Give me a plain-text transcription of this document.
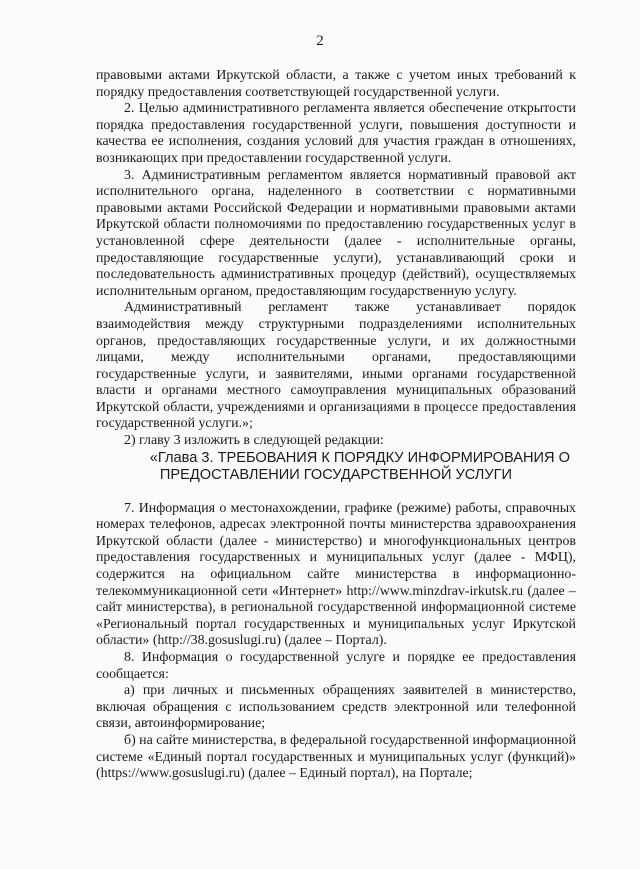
2

правовыми актами Иркутской области, а также с учетом иных требований к порядку предоставления соответствующей государственной услуги.

2. Целью административного регламента является обеспечение открытости порядка предоставления государственной услуги, повышения доступности и качества ее исполнения, создания условий для участия граждан в отношениях, возникающих при предоставлении государственной услуги.

3. Административным регламентом является нормативный правовой акт исполнительного органа, наделенного в соответствии с нормативными правовыми актами Российской Федерации и нормативными правовыми актами Иркутской области полномочиями по предоставлению государственных услуг в установленной сфере деятельности (далее - исполнительные органы, предоставляющие государственные услуги), устанавливающий сроки и последовательность административных процедур (действий), осуществляемых исполнительным органом, предоставляющим государственную услугу.

Административный регламент также устанавливает порядок взаимодействия между структурными подразделениями исполнительных органов, предоставляющих государственные услуги, и их должностными лицами, между исполнительными органами, предоставляющими государственные услуги, и заявителями, иными органами государственной власти и органами местного самоуправления муниципальных образований Иркутской области, учреждениями и организациями в процессе предоставления государственной услуги.»;

2) главу 3 изложить в следующей редакции:

«Глава 3. ТРЕБОВАНИЯ К ПОРЯДКУ ИНФОРМИРОВАНИЯ О
ПРЕДОСТАВЛЕНИИ ГОСУДАРСТВЕННОЙ УСЛУГИ

7. Информация о местонахождении, графике (режиме) работы, справочных номерах телефонов, адресах электронной почты министерства здравоохранения Иркутской области (далее - министерство) и многофункциональных центров предоставления государственных и муниципальных услуг (далее - МФЦ), содержится на официальном сайте министерства в информационно-телекоммуникационной сети «Интернет» http://www.minzdrav-irkutsk.ru (далее – сайт министерства), в региональной государственной информационной системе «Региональный портал государственных и муниципальных услуг Иркутской области» (http://38.gosuslugi.ru) (далее – Портал).

8. Информация о государственной услуге и порядке ее предоставления сообщается:

а) при личных и письменных обращениях заявителей в министерство, включая обращения с использованием средств электронной или телефонной связи, автоинформирование;

б) на сайте министерства, в федеральной государственной информационной системе «Единый портал государственных и муниципальных услуг (функций)» (https://www.gosuslugi.ru) (далее – Единый портал), на Портале;
